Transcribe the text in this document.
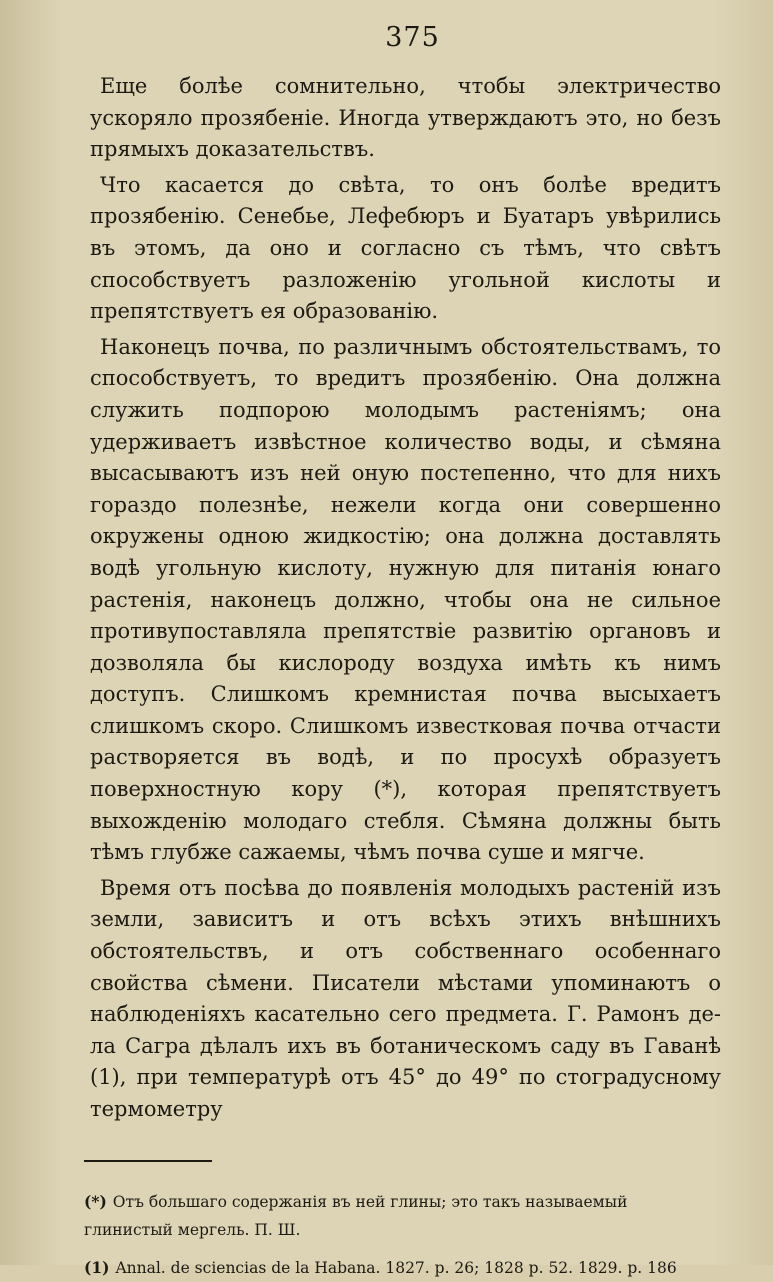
375

Еще болѣе сомнительно, чтобы электричество ускоряло прозябеніе. Иногда утверждаютъ это, но безъ прямыхъ доказательствъ.

Что касается до свѣта, то онъ болѣе вредитъ прозябенію. Сенебье, Лефебюръ и Буатаръ увѣрились въ этомъ, да оно и согласно съ тѣмъ, что свѣтъ способствуетъ разложенію угольной кислоты и препятствуетъ ея образованію.

Наконецъ почва, по различнымъ обстоятельствамъ, то способствуетъ, то вредитъ прозябенію. Она должна служить подпорою молодымъ растеніямъ; она удерживаетъ извѣстное количество воды, и сѣмяна высасываютъ изъ ней оную постепенно, что для нихъ гораздо полезнѣе, нежели когда они совершенно окружены одною жидкостію; она должна доставлять водѣ угольную кислоту, нужную для питанія юнаго растенія, наконецъ должно, чтобы она не сильное противупоставляла препятствіе развитію органовъ и дозволяла бы кислороду воздуха имѣть къ нимъ доступъ. Слишкомъ кремнистая почва высыхаетъ слишкомъ скоро. Слишкомъ известковая почва отчасти растворяется въ водѣ, и по просухѣ образуетъ поверхностную кору (*), которая препятствуетъ выхожденію молодаго стебля. Сѣмяна должны быть тѣмъ глубже сажаемы, чѣмъ почва суше и мягче.

Время отъ посѣва до появленія молодыхъ растеній изъ земли, зависитъ и отъ всѣхъ этихъ внѣшнихъ обстоятельствъ, и отъ собственнаго особеннаго свойства сѣмени. Писатели мѣстами упоминаютъ о наблюденіяхъ касательно сего предмета. Г. Рамонъ де-ла Сагра дѣлалъ ихъ въ ботаническомъ саду въ Гаванѣ (1), при температурѣ отъ 45° до 49° по стоградусному термометру

(*) Отъ большаго содержанія въ ней глины; это такъ называемый глинистый мергель. П. Ш.
(1) Annal. de sciencias de la Habana. 1827. p. 26; 1828 p. 52. 1829. p. 186
